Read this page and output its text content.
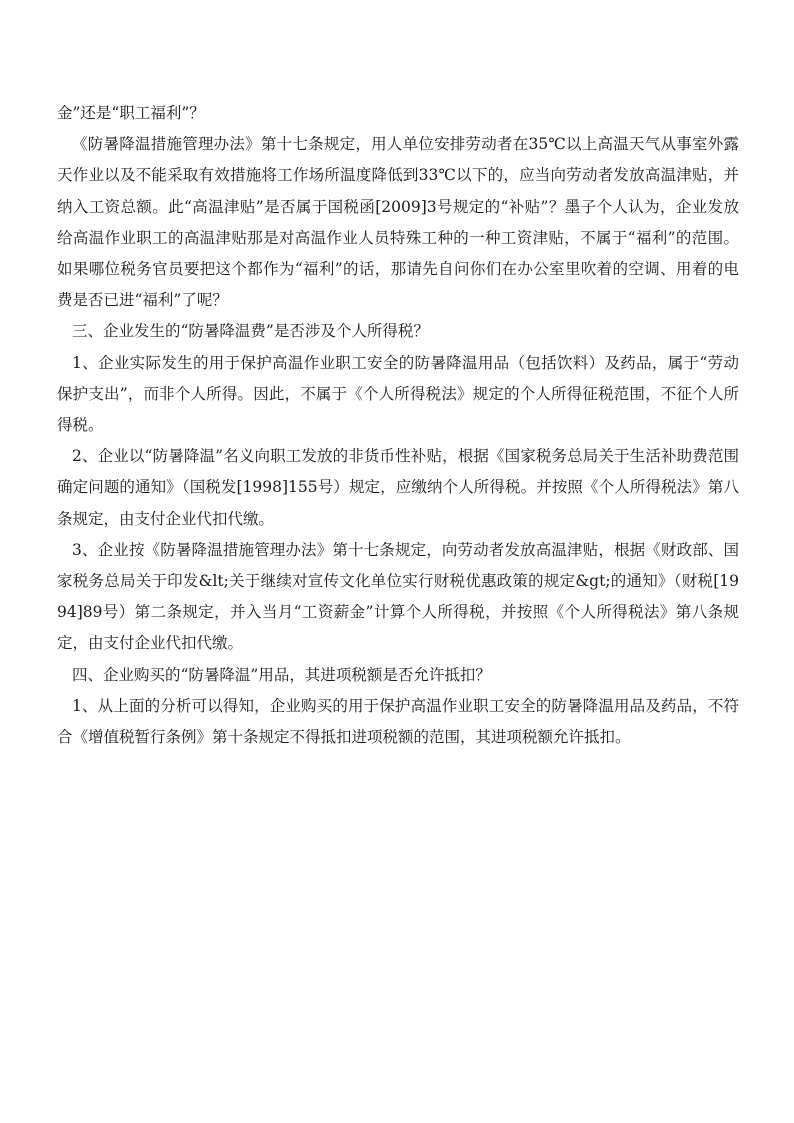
金”还是“职工福利”？

《防暑降温措施管理办法》第十七条规定，用人单位安排劳动者在35℃以上高温天气从事室外露天作业以及不能采取有效措施将工作场所温度降低到33℃以下的，应当向劳动者发放高温津贴，并纳入工资总额。此“高温津贴”是否属于国税函[2009]3号规定的“补贴”？墨子个人认为，企业发放给高温作业职工的高温津贴那是对高温作业人员特殊工种的一种工资津贴，不属于“福利”的范围。如果哪位税务官员要把这个都作为“福利”的话，那请先自问你们在办公室里吹着的空调、用着的电费是否已进“福利”了呢？

三、企业发生的“防暑降温费”是否涉及个人所得税？

1、企业实际发生的用于保护高温作业职工安全的防暑降温用品（包括饮料）及药品，属于“劳动保护支出”，而非个人所得。因此，不属于《个人所得税法》规定的个人所得征税范围，不征个人所得税。

2、企业以“防暑降温”名义向职工发放的非货币性补贴，根据《国家税务总局关于生活补助费范围确定问题的通知》（国税发[1998]155号）规定，应缴纳个人所得税。并按照《个人所得税法》第八条规定，由支付企业代扣代缴。

3、企业按《防暑降温措施管理办法》第十七条规定，向劳动者发放高温津贴，根据《财政部、国家税务总局关于印发&lt;关于继续对宣传文化单位实行财税优惠政策的规定&gt;的通知》（财税[1994]89号）第二条规定，并入当月“工资薪金”计算个人所得税，并按照《个人所得税法》第八条规定，由支付企业代扣代缴。

四、企业购买的“防暑降温”用品，其进项税额是否允许抵扣？

1、从上面的分析可以得知，企业购买的用于保护高温作业职工安全的防暑降温用品及药品，不符合《增值税暂行条例》第十条规定不得抵扣进项税额的范围，其进项税额允许抵扣。
